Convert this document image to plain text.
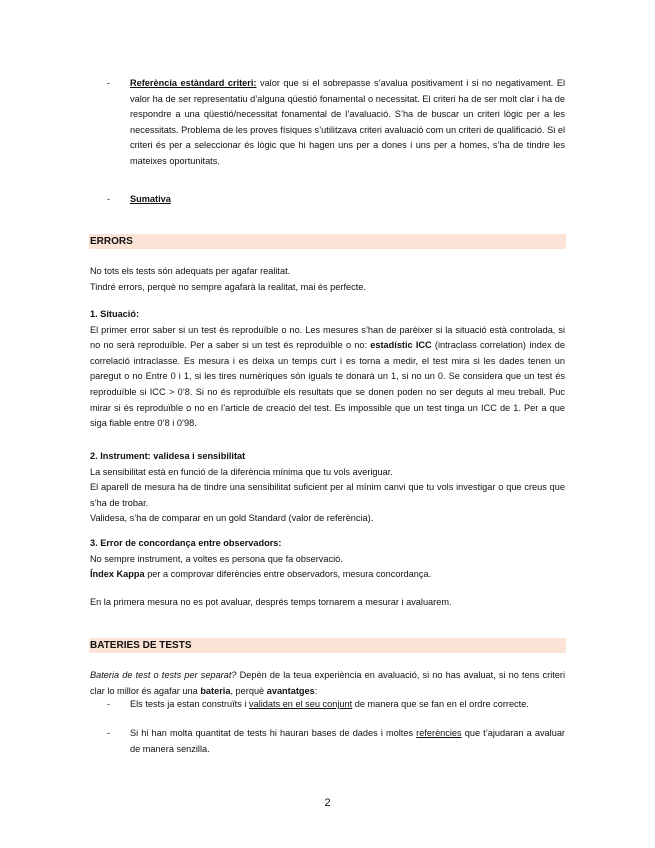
- Referència estàndard criteri: valor que si el sobrepasse s’avalua positivament i si no negativament. El valor ha de ser representatiu d’alguna qüestió fonamental o necessitat. El criteri ha de ser molt clar i ha de respondre a una qüestió/necessitat fonamental de l’avaluació. S’ha de buscar un criteri lògic per a les necessitats. Problema de les proves físiques s’utilitzava criteri avaluació com un criteri de qualificació. Si el criteri és per a seleccionar és lògic que hi hagen uns per a dones i uns per a homes, s’ha de tindre les mateixes oportunitats.

- Sumativa

ERRORS

No tots els tests són adequats per agafar realitat.

Tindré errors, perquè no sempre agafarà la realitat, mai és perfecte.

1. Situació:

El primer error saber si un test és reproduïble o no. Les mesures s’han de parèixer si la situació està controlada, si no no serà reproduïble. Per a saber si un test és reproduïble o no: estadístic ICC (intraclass correlation) índex de correlació intraclasse. Es mesura i es deixa un temps curt i es torna a medir, el test mira si les dades tenen un paregut o no Entre 0 i 1, si les tires numèriques són iguals te donarà un 1, si no un 0. Se considera que un test és reproduïble si ICC > 0’8. Si no és reproduïble els resultats que se donen poden no ser deguts al meu treball. Puc mirar si és reproduïble o no en l’article de creació del test. Es impossible que un test tinga un ICC de 1. Per a que siga fiable entre 0’8 i 0’98.

2. Instrument: validesa i sensibilitat

La sensibilitat està en funció de la diferència mínima que tu vols averiguar.

El aparell de mesura ha de tindre una sensibilitat suficient per al mínim canvi que tu vols investigar o que creus que s’ha de trobar.

Validesa, s’ha de comparar en un gold Standard (valor de referència).

3. Error de concordança entre observadors:

No sempre instrument, a voltes es persona que fa observació.

Índex Kappa per a comprovar diferències entre observadors, mesura concordança.

En la primera mesura no es pot avaluar, després temps tornarem a mesurar i avaluarem.

BATERIES DE TESTS

Bateria de test o tests per separat? Depèn de la teua experiència en avaluació, si no has avaluat, si no tens criteri clar lo millor és agafar una bateria, perquè avantatges:

- Els tests ja estan construïts i validats en el seu conjunt de manera que se fan en el ordre correcte.

- Si hi han molta quantitat de tests hi hauran bases de dades i moltes referències que t’ajudaran a avaluar de manera senzilla.

2
